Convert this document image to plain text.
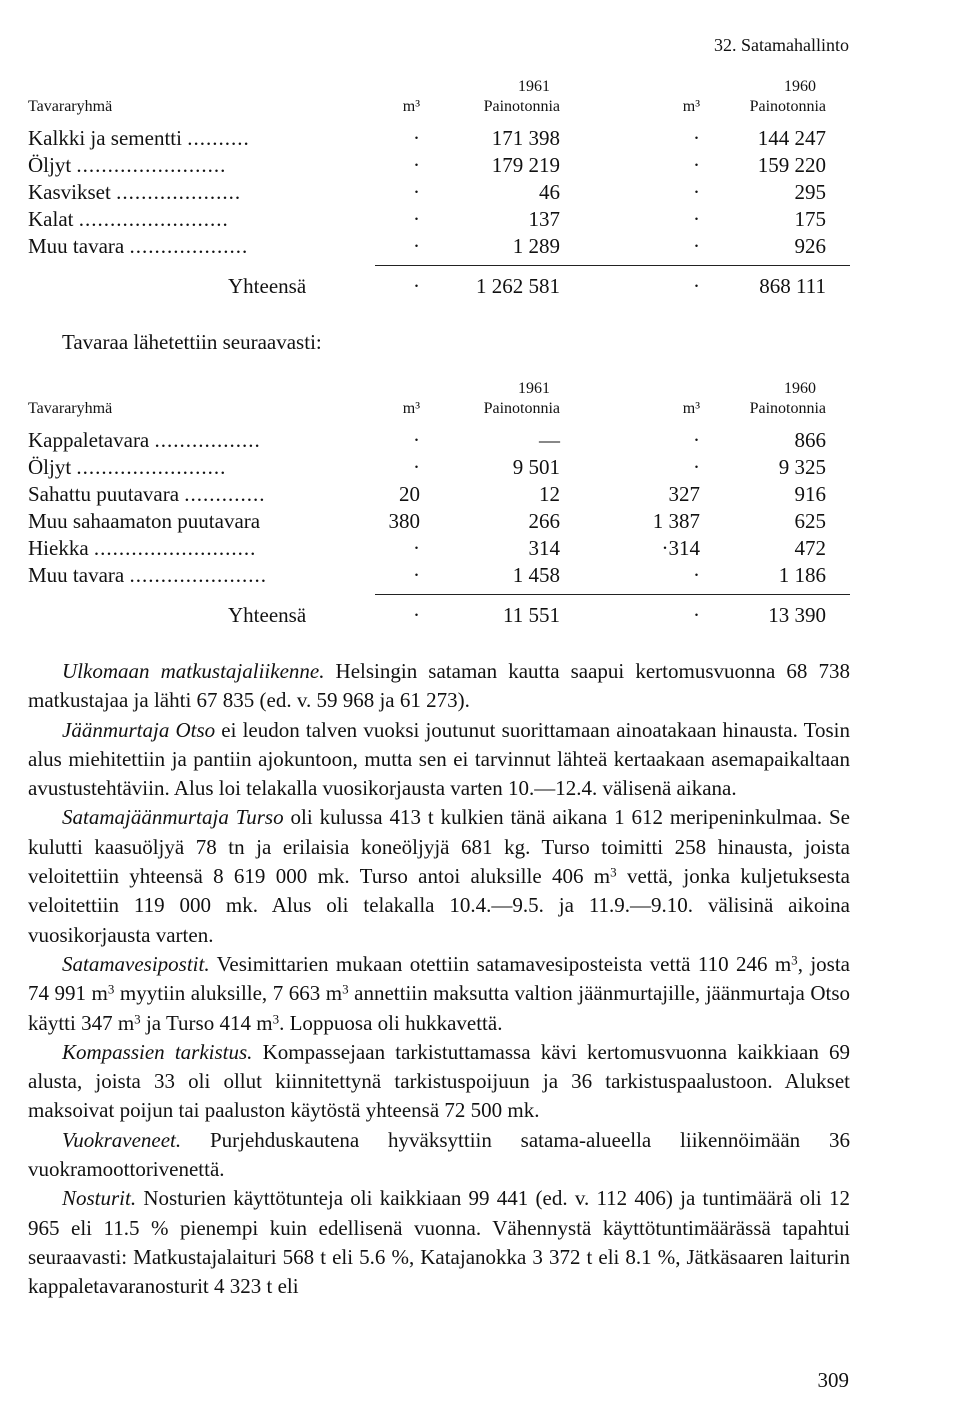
32. Satamahallinto
1961	1960
Tavararyhmä	m³	Painotonnia	m³	Painotonnia
Kalkki ja sementti ..........	·	171 398	·	144 247
Öljyt ........................	·	179 219	·	159 220
Kasvikset ....................	·	46	·	295
Kalat ........................	·	137	·	175
Muu tavara ...................	·	1 289	·	926
Yhteensä	·	1 262 581	·	868 111
Tavaraa lähetettiin seuraavasti:
1961	1960
Tavararyhmä	m³	Painotonnia	m³	Painotonnia
Kappaletavara .................	·	—	·	866
Öljyt ........................	·	9 501	·	9 325
Sahattu puutavara .............	20	12	327	916
Muu sahaamaton puutavara	380	266	1 387	625
Hiekka ..........................	·	314	·314	472
Muu tavara ......................	·	1 458	·	1 186
Yhteensä	·	11 551	·	13 390

Ulkomaan matkustajaliikenne. Helsingin sataman kautta saapui kertomusvuonna 68 738 matkustajaa ja lähti 67 835 (ed. v. 59 968 ja 61 273).

Jäänmurtaja Otso ei leudon talven vuoksi joutunut suorittamaan ainoatakaan hinausta. Tosin alus miehitettiin ja pantiin ajokuntoon, mutta sen ei tarvinnut lähteä kertaakaan asemapaikaltaan avustustehtäviin. Alus loi telakalla vuosikorjausta varten 10.—12.4. välisenä aikana.

Satamajäänmurtaja Turso oli kulussa 413 t kulkien tänä aikana 1 612 meripeninkulmaa. Se kulutti kaasuöljyä 78 tn ja erilaisia koneöljyjä 681 kg. Turso toimitti 258 hinausta, joista veloitettiin yhteensä 8 619 000 mk. Turso antoi aluksille 406 $m^3$ vettä, jonka kuljetuksesta veloitettiin 119 000 mk. Alus oli telakalla 10.4.—9.5. ja 11.9.—9.10. välisinä aikoina vuosikorjausta varten.

Satamavesipostit. Vesimittarien mukaan otettiin satamavesiposteista vettä 110 246 $m^3$, josta 74 991 $m^3$ myytiin aluksille, 7 663 $m^3$ annettiin maksutta valtion jäänmurtajille, jäänmurtaja Otso käytti 347 $m^3$ ja Turso 414 $m^3$. Loppuosa oli hukkavettä.

Kompassien tarkistus. Kompassejaan tarkistuttamassa kävi kertomusvuonna kaikkiaan 69 alusta, joista 33 oli ollut kiinnitettynä tarkistuspoijuun ja 36 tarkistuspaalustoon. Alukset maksoivat poijun tai paaluston käytöstä yhteensä 72 500 mk.

Vuokraveneet. Purjehduskautena hyväksyttiin satama-alueella liikennöimään 36 vuokramoottorivenettä.

Nosturit. Nosturien käyttötunteja oli kaikkiaan 99 441 (ed. v. 112 406) ja tuntimäärä oli 12 965 eli 11.5 % pienempi kuin edellisenä vuonna. Vähennystä käyttötuntimäärässä tapahtui seuraavasti: Matkustajalaituri 568 t eli 5.6 %, Katajanokka 3 372 t eli 8.1 %, Jätkäsaaren laiturin kappaletavaranosturit 4 323 t eli

309
